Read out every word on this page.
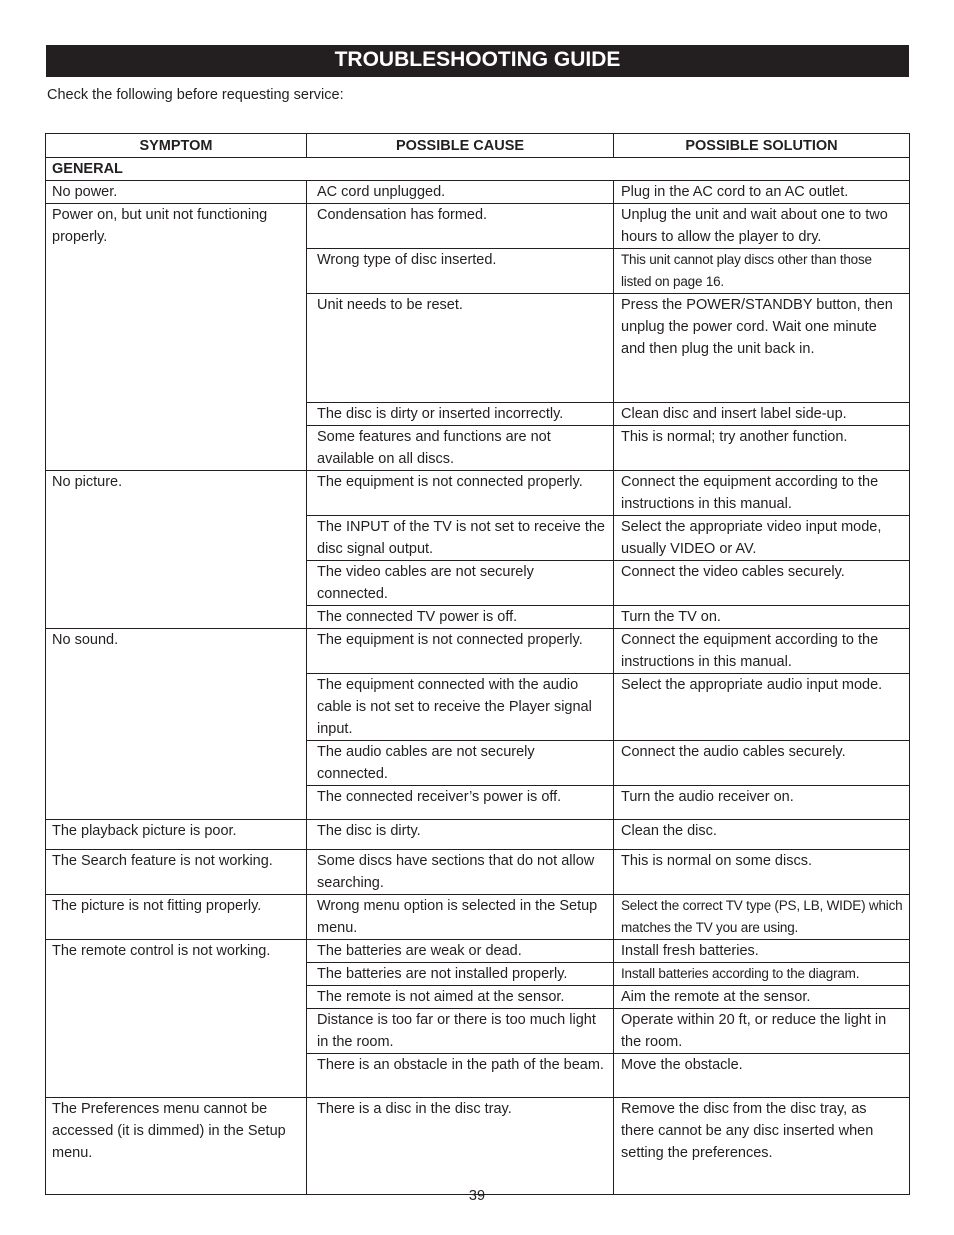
TROUBLESHOOTING GUIDE
Check the following before requesting service:
SYMPTOM	POSSIBLE CAUSE	POSSIBLE SOLUTION
GENERAL		
No power.	AC cord unplugged.	Plug in the AC cord to an AC outlet.
Power on, but unit not functioning properly.	Condensation has formed.	Unplug the unit and wait about one to two hours to allow the player to dry.
	Wrong type of disc inserted.	This unit cannot play discs other than those listed on page 16.
	Unit needs to be reset.	Press the POWER/STANDBY button, then unplug the power cord. Wait one minute and then plug the unit back in.
	The disc is dirty or inserted incorrectly.	Clean disc and insert label side-up.
	Some features and functions are not available on all discs.	This is normal; try another function.
No picture.	The equipment is not connected properly.	Connect the equipment according to the instructions in this manual.
	The INPUT of the TV is not set to receive the disc signal output.	Select the appropriate video input mode, usually VIDEO or AV.
	The video cables are not securely connected.	Connect the video cables securely.
	The connected TV power is off.	Turn the TV on.
No sound.	The equipment is not connected properly.	Connect the equipment according to the instructions in this manual.
	The equipment connected with the audio cable is not set to receive the Player signal input.	Select the appropriate audio input mode.
	The audio cables are not securely connected.	Connect the audio cables securely.
	The connected receiver’s power is off.	Turn the audio receiver on.
The playback picture is poor.	The disc is dirty.	Clean the disc.
The Search feature is not working.	Some discs have sections that do not allow searching.	This is normal on some discs.
The picture is not fitting properly.	Wrong menu option is selected in the Setup menu.	Select the correct TV type (PS, LB, WIDE) which matches the TV you are using.
The remote control is not working.	The batteries are weak or dead.	Install fresh batteries.
	The batteries are not installed properly.	Install batteries according to the diagram.
	The remote is not aimed at the sensor.	Aim the remote at the sensor.
	Distance is too far or there is too much light in the room.	Operate within 20 ft, or reduce the light in the room.
	There is an obstacle in the path of the beam.	Move the obstacle.
The Preferences menu cannot be accessed (it is dimmed) in the Setup menu.	There is a disc in the disc tray.	Remove the disc from the disc tray, as there cannot be any disc inserted when setting the preferences.
39
